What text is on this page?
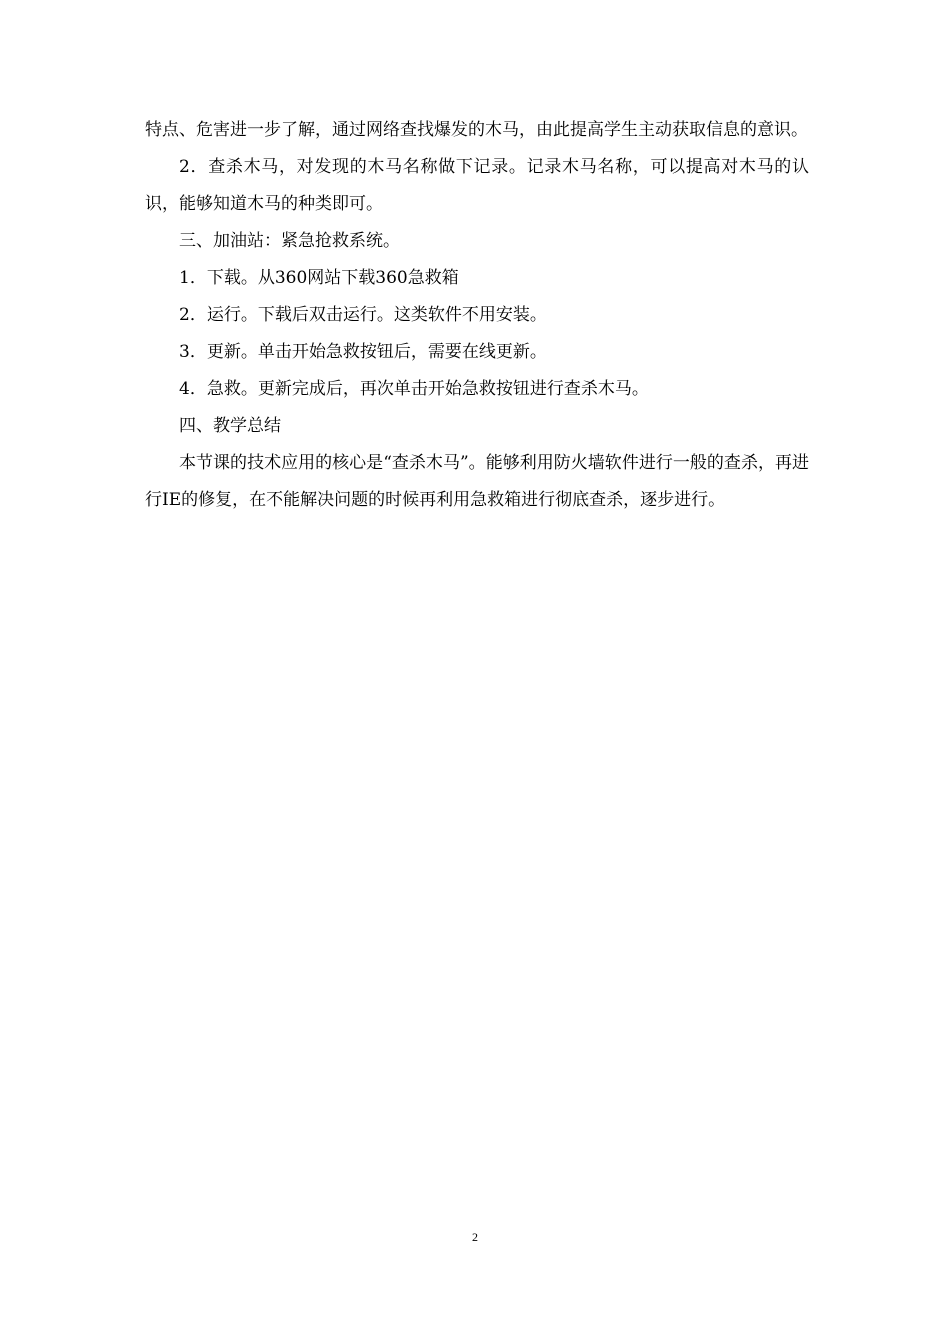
特点、危害进一步了解，通过网络查找爆发的木马，由此提高学生主动获取信息的意识。

2．查杀木马，对发现的木马名称做下记录。记录木马名称，可以提高对木马的认识，能够知道木马的种类即可。

三、加油站：紧急抢救系统。

1．下载。从360网站下载360急救箱

2．运行。下载后双击运行。这类软件不用安装。

3．更新。单击开始急救按钮后，需要在线更新。

4．急救。更新完成后，再次单击开始急救按钮进行查杀木马。

四、教学总结

本节课的技术应用的核心是“查杀木马”。能够利用防火墙软件进行一般的查杀，再进行IE的修复，在不能解决问题的时候再利用急救箱进行彻底查杀，逐步进行。

2
